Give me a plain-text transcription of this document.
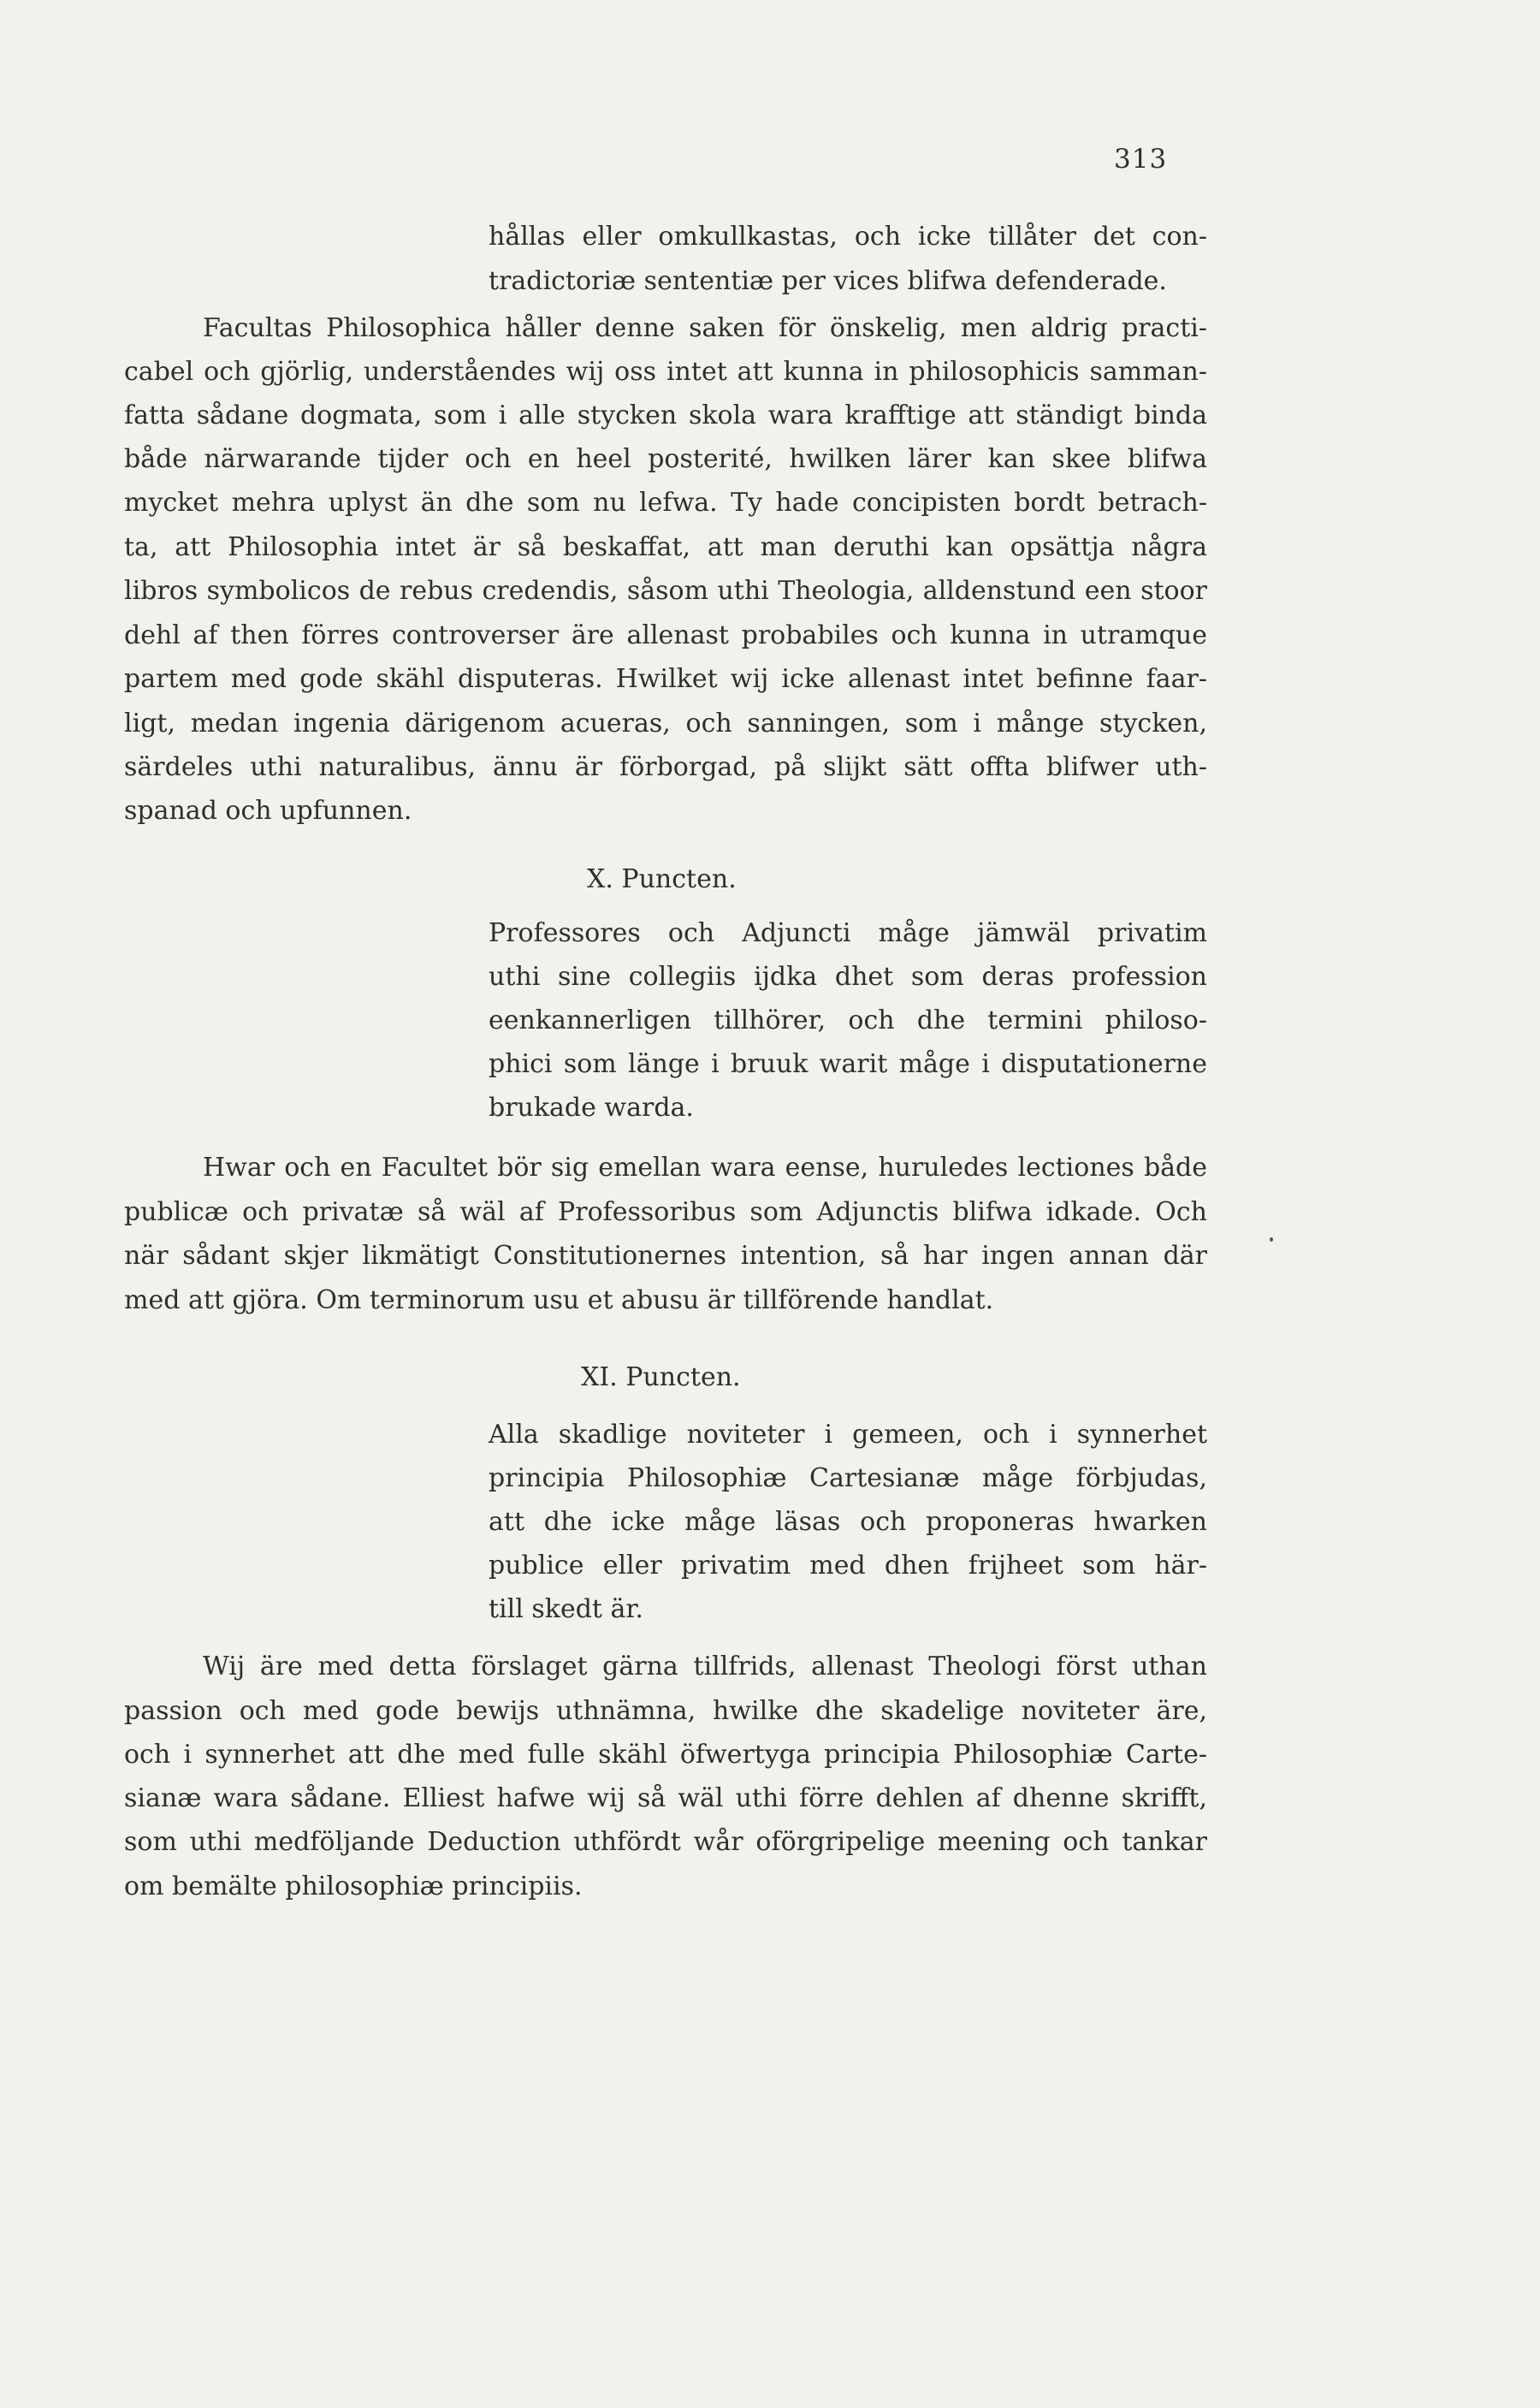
313

hållas eller omkullkastas, och icke tillåter det con-

tradictoriæ sententiæ per vices blifwa defenderade.

Facultas Philosophica håller denne saken för önskelig, men aldrig practi-

cabel och gjörlig, underståendes wij oss intet att kunna in philosophicis samman-

fatta sådane dogmata, som i alle stycken skola wara krafftige att ständigt binda

både närwarande tijder och en heel posterité, hwilken lärer kan skee blifwa

mycket mehra uplyst än dhe som nu lefwa. Ty hade concipisten bordt betrach-

ta, att Philosophia intet är så beskaffat, att man deruthi kan opsättja några

libros symbolicos de rebus credendis, såsom uthi Theologia, alldenstund een stoor

dehl af then förres controverser äre allenast probabiles och kunna in utramque

partem med gode skähl disputeras. Hwilket wij icke allenast intet befinne faar-

ligt, medan ingenia därigenom acueras, och sanningen, som i månge stycken,

särdeles uthi naturalibus, ännu är förborgad, på slijkt sätt offta blifwer uth-

spanad och upfunnen.

X. Puncten.

Professores och Adjuncti måge jämwäl privatim

uthi sine collegiis ijdka dhet som deras profession

eenkannerligen tillhörer, och dhe termini philoso-

phici som länge i bruuk warit måge i disputationerne

brukade warda.

Hwar och en Facultet bör sig emellan wara eense, huruledes lectiones både

publicæ och privatæ så wäl af Professoribus som Adjunctis blifwa idkade. Och

när sådant skjer likmätigt Constitutionernes intention, så har ingen annan där

med att gjöra. Om terminorum usu et abusu är tillförende handlat.

XI. Puncten.

Alla skadlige noviteter i gemeen, och i synnerhet

principia Philosophiæ Cartesianæ måge förbjudas,

att dhe icke måge läsas och proponeras hwarken

publice eller privatim med dhen frijheet som här-

till skedt är.

Wij äre med detta förslaget gärna tillfrids, allenast Theologi först uthan

passion och med gode bewijs uthnämna, hwilke dhe skadelige noviteter äre,

och i synnerhet att dhe med fulle skähl öfwertyga principia Philosophiæ Carte-

sianæ wara sådane. Elliest hafwe wij så wäl uthi förre dehlen af dhenne skrifft,

som uthi medföljande Deduction uthfördt wår oförgripelige meening och tankar

om bemälte philosophiæ principiis.
